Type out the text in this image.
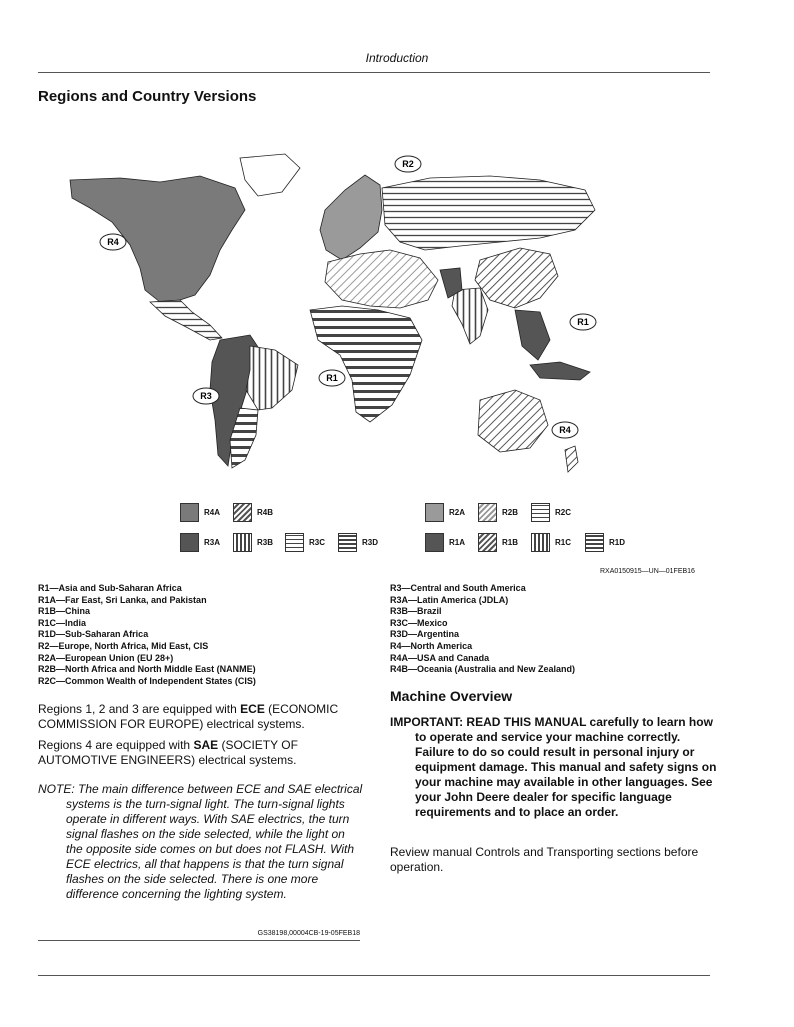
Introduction
Regions and Country Versions
R2
R4
R1
R1
R3
R4
R4A	R4B
R3A	R3B	R3C	R3D
R2A	R2B	R2C
R1A	R1B	R1C	R1D
RXA0150915—UN—01FEB16
R1—Asia and Sub-Saharan Africa
R1A—Far East, Sri Lanka, and Pakistan
R1B—China
R1C—India
R1D—Sub-Saharan Africa
R2—Europe, North Africa, Mid East, CIS
R2A—European Union (EU 28+)
R2B—North Africa and North Middle East (NANME)
R2C—Common Wealth of Independent States (CIS)
R3—Central and South America
R3A—Latin America (JDLA)
R3B—Brazil
R3C—Mexico
R3D—Argentina
R4—North America
R4A—USA and Canada
R4B—Oceania (Australia and New Zealand)
Regions 1, 2 and 3 are equipped with ECE (ECONOMIC COMMISSION FOR EUROPE) electrical systems.
Regions 4 are equipped with SAE (SOCIETY OF AUTOMOTIVE ENGINEERS) electrical systems.
NOTE: The main difference between ECE and SAE electrical systems is the turn-signal light. The turn-signal lights operate in different ways. With SAE electrics, the turn signal flashes on the side selected, while the light on the opposite side comes on but does not FLASH. With ECE electrics, all that happens is that the turn signal flashes on the side selected. There is one more difference concerning the lighting system.
GS38198,00004CB-19-05FEB18
Machine Overview
IMPORTANT: READ THIS MANUAL carefully to learn how to operate and service your machine correctly. Failure to do so could result in personal injury or equipment damage. This manual and safety signs on your machine may available in other languages. See your John Deere dealer for specific language requirements and to place an order.
Review manual Controls and Transporting sections before operation.
